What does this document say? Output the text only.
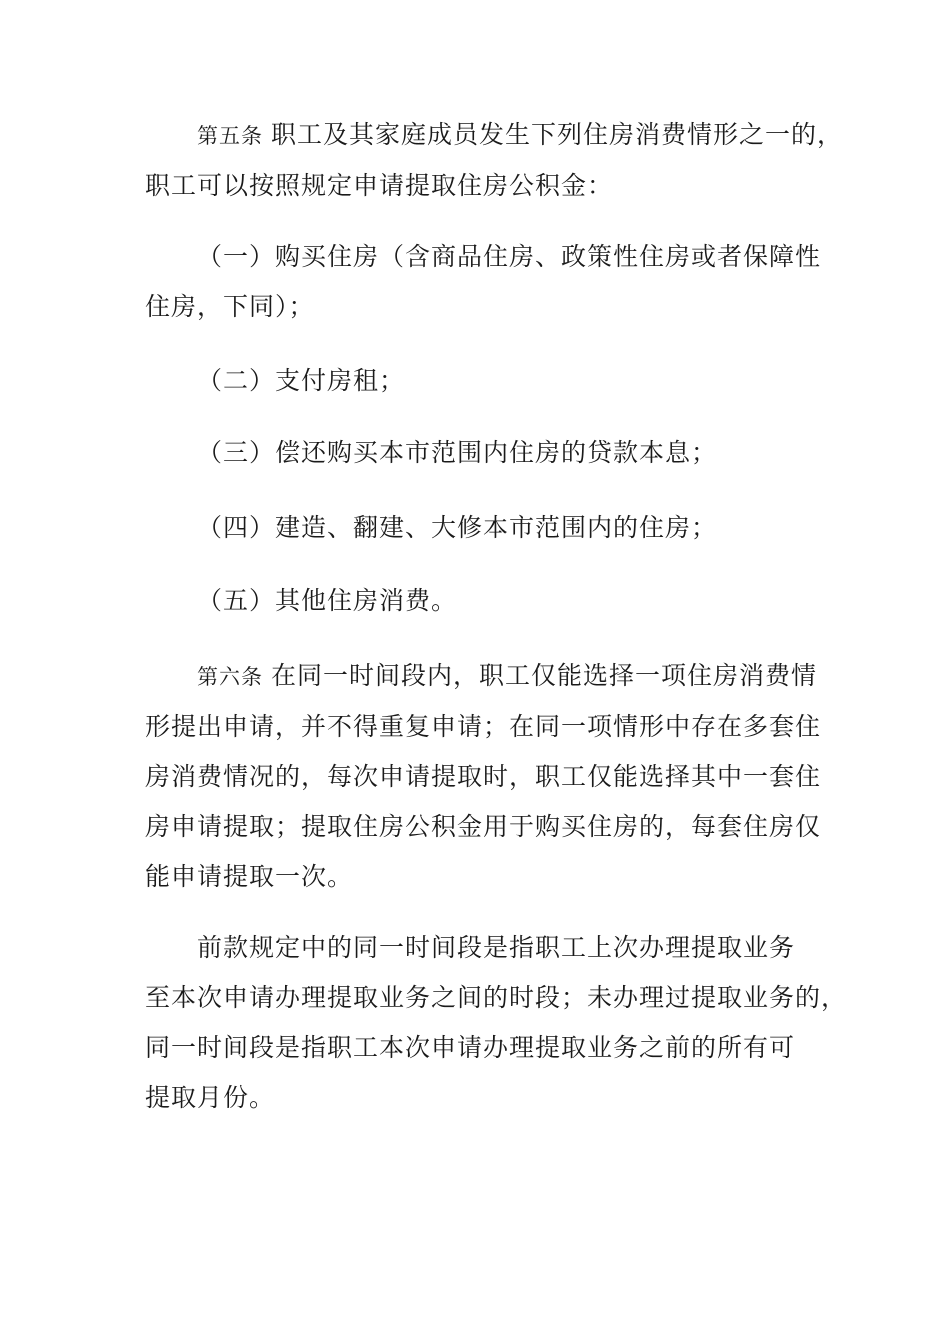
第五条 职工及其家庭成员发生下列住房消费情形之一的，
职工可以按照规定申请提取住房公积金：
（一）购买住房（含商品住房、政策性住房或者保障性
住房，下同）；
（二）支付房租；
（三）偿还购买本市范围内住房的贷款本息；
（四）建造、翻建、大修本市范围内的住房；
（五）其他住房消费。
第六条 在同一时间段内，职工仅能选择一项住房消费情
形提出申请，并不得重复申请；在同一项情形中存在多套住
房消费情况的，每次申请提取时，职工仅能选择其中一套住
房申请提取；提取住房公积金用于购买住房的，每套住房仅
能申请提取一次。
前款规定中的同一时间段是指职工上次办理提取业务
至本次申请办理提取业务之间的时段；未办理过提取业务的，
同一时间段是指职工本次申请办理提取业务之前的所有可
提取月份。
